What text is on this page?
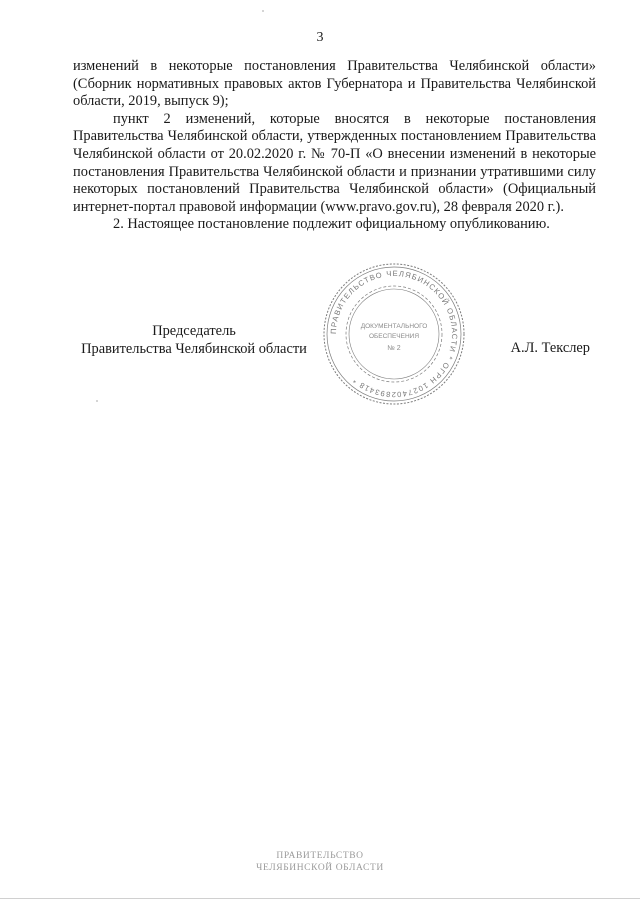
3

изменений в некоторые постановления Правительства Челябинской области» (Сборник нормативных правовых актов Губернатора и Правительства Челябинской области, 2019, выпуск 9);

пункт 2 изменений, которые вносятся в некоторые постановления Правительства Челябинской области, утвержденных постановлением Правительства Челябинской области от 20.02.2020 г. № 70-П «О внесении изменений в некоторые постановления Правительства Челябинской области и признании утратившими силу некоторых постановлений Правительства Челябинской области» (Официальный интернет-портал правовой информации (www.pravo.gov.ru), 28 февраля 2020 г.).

2. Настоящее постановление подлежит официальному опубликованию.

Председатель
Правительства Челябинской области
ПРАВИТЕЛЬСТВО ЧЕЛЯБИНСКОЙ ОБЛАСТИ * ОГРН 1027402893418 *
ДОКУМЕНТАЛЬНОГО
ОБЕСПЕЧЕНИЯ
№ 2	А.Л. Текслер
ПРАВИТЕЛЬСТВО
ЧЕЛЯБИНСКОЙ ОБЛАСТИ
